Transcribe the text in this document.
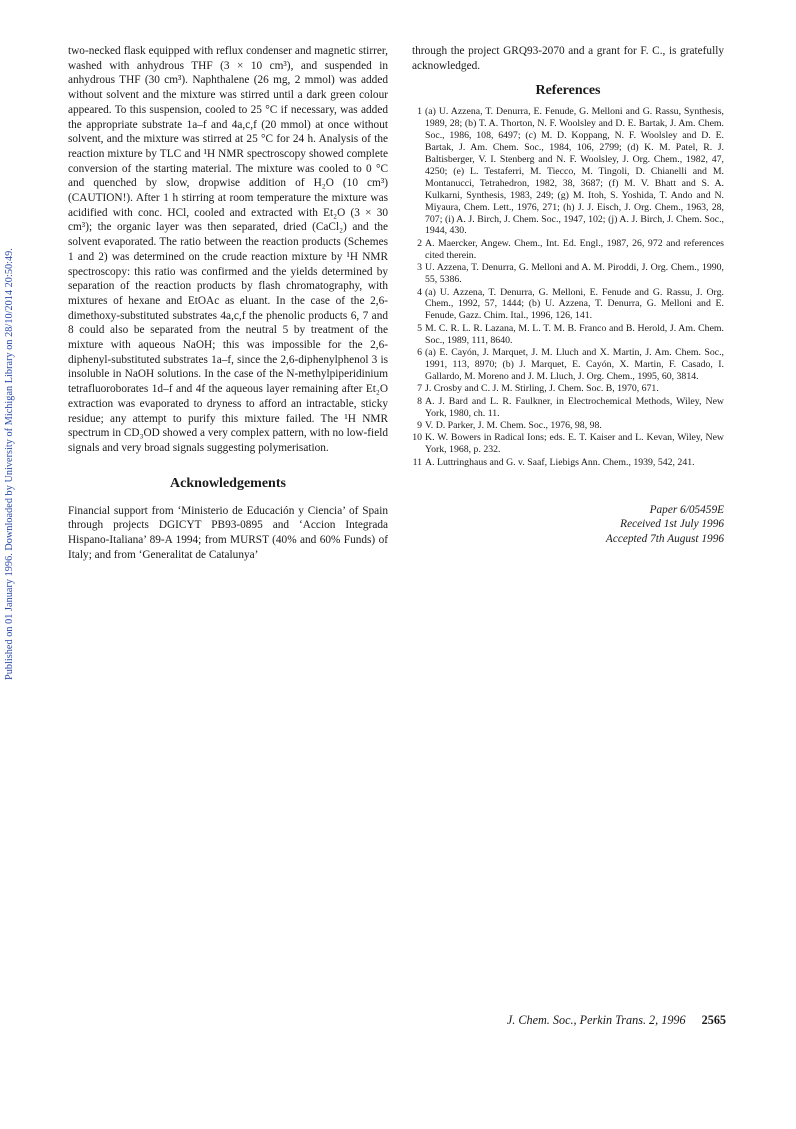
Published on 01 January 1996. Downloaded by University of Michigan Library on 28/10/2014 20:50:49.

two-necked flask equipped with reflux condenser and magnetic stirrer, washed with anhydrous THF (3 × 10 cm³), and suspended in anhydrous THF (30 cm³). Naphthalene (26 mg, 2 mmol) was added without solvent and the mixture was stirred until a dark green colour appeared. To this suspension, cooled to 25 °C if necessary, was added the appropriate substrate 1a–f and 4a,c,f (20 mmol) at once without solvent, and the mixture was stirred at 25 °C for 24 h. Analysis of the reaction mixture by TLC and ¹H NMR spectroscopy showed complete conversion of the starting material. The mixture was cooled to 0 °C and quenched by slow, dropwise addition of H₂O (10 cm³) (CAUTION!). After 1 h stirring at room temperature the mixture was acidified with conc. HCl, cooled and extracted with Et₂O (3 × 30 cm³); the organic layer was then separated, dried (CaCl₂) and the solvent evaporated. The ratio between the reaction products (Schemes 1 and 2) was determined on the crude reaction mixture by ¹H NMR spectroscopy: this ratio was confirmed and the yields determined by separation of the reaction products by flash chromatography, with mixtures of hexane and EtOAc as eluant. In the case of the 2,6-dimethoxy-substituted substrates 4a,c,f the phenolic products 6, 7 and 8 could also be separated from the neutral 5 by treatment of the mixture with aqueous NaOH; this was impossible for the 2,6-diphenyl-substituted substrates 1a–f, since the 2,6-diphenylphenol 3 is insoluble in NaOH solutions. In the case of the N-methylpiperidinium tetrafluoroborates 1d–f and 4f the aqueous layer remaining after Et₂O extraction was evaporated to dryness to afford an intractable, sticky residue; any attempt to purify this mixture failed. The ¹H NMR spectrum in CD₃OD showed a very complex pattern, with no low-field signals and very broad signals suggesting polymerisation.

Acknowledgements

Financial support from ‘Ministerio de Educación y Ciencia’ of Spain through projects DGICYT PB93-0895 and ‘Accion Integrada Hispano-Italiana’ 89-A 1994; from MURST (40% and 60% Funds) of Italy; and from ‘Generalitat de Catalunya’

through the project GRQ93-2070 and a grant for F. C., is gratefully acknowledged.

References
1 (a) U. Azzena, T. Denurra, E. Fenude, G. Melloni and G. Rassu, Synthesis, 1989, 28; (b) T. A. Thorton, N. F. Woolsley and D. E. Bartak, J. Am. Chem. Soc., 1986, 108, 6497; (c) M. D. Koppang, N. F. Woolsley and D. E. Bartak, J. Am. Chem. Soc., 1984, 106, 2799; (d) K. M. Patel, R. J. Baltisberger, V. I. Stenberg and N. F. Woolsley, J. Org. Chem., 1982, 47, 4250; (e) L. Testaferri, M. Tiecco, M. Tingoli, D. Chianelli and M. Montanucci, Tetrahedron, 1982, 38, 3687; (f) M. V. Bhatt and S. A. Kulkarni, Synthesis, 1983, 249; (g) M. Itoh, S. Yoshida, T. Ando and N. Miyaura, Chem. Lett., 1976, 271; (h) J. J. Eisch, J. Org. Chem., 1963, 28, 707; (i) A. J. Birch, J. Chem. Soc., 1947, 102; (j) A. J. Birch, J. Chem. Soc., 1944, 430.
2 A. Maercker, Angew. Chem., Int. Ed. Engl., 1987, 26, 972 and references cited therein.
3 U. Azzena, T. Denurra, G. Melloni and A. M. Piroddi, J. Org. Chem., 1990, 55, 5386.
4 (a) U. Azzena, T. Denurra, G. Melloni, E. Fenude and G. Rassu, J. Org. Chem., 1992, 57, 1444; (b) U. Azzena, T. Denurra, G. Melloni and E. Fenude, Gazz. Chim. Ital., 1996, 126, 141.
5 M. C. R. L. R. Lazana, M. L. T. M. B. Franco and B. Herold, J. Am. Chem. Soc., 1989, 111, 8640.
6 (a) E. Cayón, J. Marquet, J. M. Lluch and X. Martin, J. Am. Chem. Soc., 1991, 113, 8970; (b) J. Marquet, E. Cayón, X. Martin, F. Casado, I. Gallardo, M. Moreno and J. M. Lluch, J. Org. Chem., 1995, 60, 3814.
7 J. Crosby and C. J. M. Stirling, J. Chem. Soc. B, 1970, 671.
8 A. J. Bard and L. R. Faulkner, in Electrochemical Methods, Wiley, New York, 1980, ch. 11.
9 V. D. Parker, J. M. Chem. Soc., 1976, 98, 98.
10 K. W. Bowers in Radical Ions; eds. E. T. Kaiser and L. Kevan, Wiley, New York, 1968, p. 232.
11 A. Luttringhaus and G. v. Saaf, Liebigs Ann. Chem., 1939, 542, 241.
Paper 6/05459E
Received 1st July 1996
Accepted 7th August 1996
J. Chem. Soc., Perkin Trans. 2, 1996 2565
